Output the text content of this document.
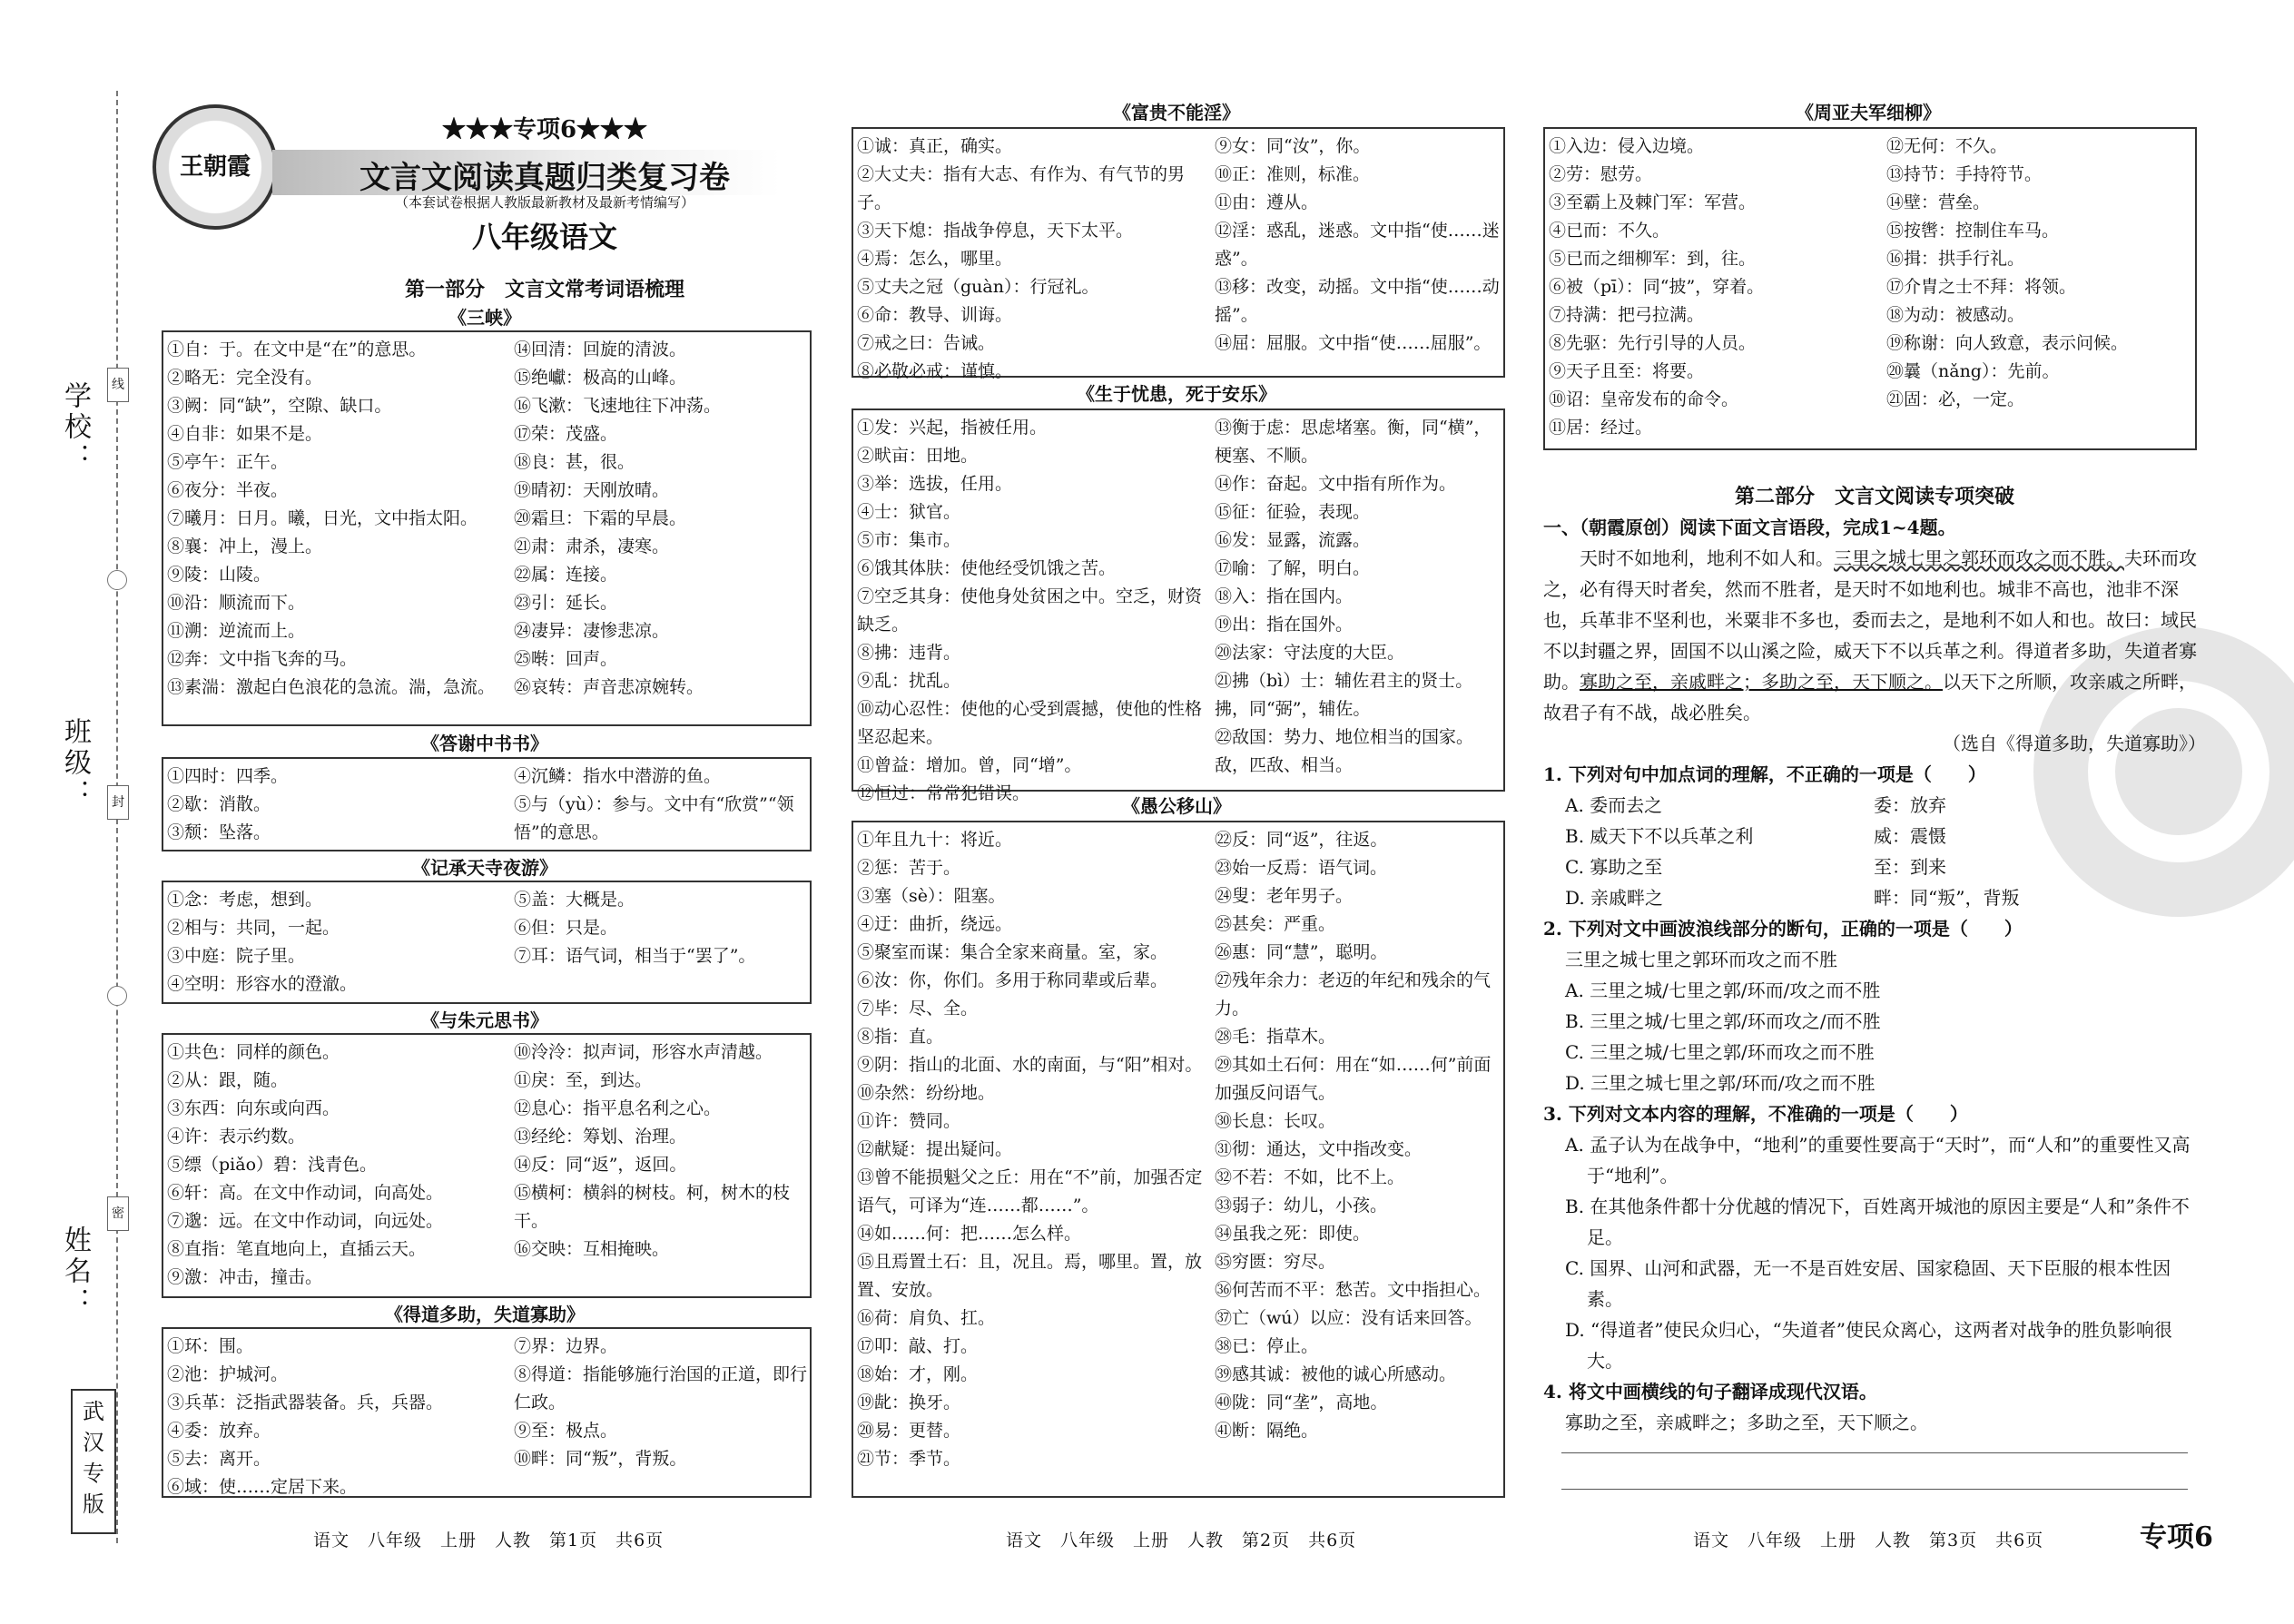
线
封
密
学校：
班级：
姓名：
武汉专版
王朝霞
★★★专项6★★★
文言文阅读真题归类复习卷
（本套试卷根据人教版最新教材及最新考情编写）
八年级语文
第一部分　文言文常考词语梳理
《三峡》
①自：于。在文中是“在”的意思。
②略无：完全没有。
③阙：同“缺”，空隙、缺口。
④自非：如果不是。
⑤亭午：正午。
⑥夜分：半夜。
⑦曦月：日月。曦，日光，文中指太阳。
⑧襄：冲上，漫上。
⑨陵：山陵。
⑩沿：顺流而下。
⑪溯：逆流而上。
⑫奔：文中指飞奔的马。
⑬素湍：激起白色浪花的急流。湍，急流。
⑭回清：回旋的清波。
⑮绝巘：极高的山峰。
⑯飞漱：飞速地往下冲荡。
⑰荣：茂盛。
⑱良：甚，很。
⑲晴初：天刚放晴。
⑳霜旦：下霜的早晨。
㉑肃：肃杀，凄寒。
㉒属：连接。
㉓引：延长。
㉔凄异：凄惨悲凉。
㉕啭：回声。
㉖哀转：声音悲凉婉转。
《答谢中书书》
①四时：四季。
②歇：消散。
③颓：坠落。
④沉鳞：指水中潜游的鱼。
⑤与（yù）：参与。文中有“欣赏”“领悟”的意思。
《记承天寺夜游》
①念：考虑，想到。
②相与：共同，一起。
③中庭：院子里。
④空明：形容水的澄澈。
⑤盖：大概是。
⑥但：只是。
⑦耳：语气词，相当于“罢了”。
《与朱元思书》
①共色：同样的颜色。
②从：跟，随。
③东西：向东或向西。
④许：表示约数。
⑤缥（piǎo）碧：浅青色。
⑥轩：高。在文中作动词，向高处。
⑦邈：远。在文中作动词，向远处。
⑧直指：笔直地向上，直插云天。
⑨激：冲击，撞击。
⑩泠泠：拟声词，形容水声清越。
⑪戾：至，到达。
⑫息心：指平息名利之心。
⑬经纶：筹划、治理。
⑭反：同“返”，返回。
⑮横柯：横斜的树枝。柯，树木的枝干。
⑯交映：互相掩映。
《得道多助，失道寡助》
①环：围。
②池：护城河。
③兵革：泛指武器装备。兵，兵器。
④委：放弃。
⑤去：离开。
⑥域：使……定居下来。
⑦界：边界。
⑧得道：指能够施行治国的正道，即行仁政。
⑨至：极点。
⑩畔：同“叛”，背叛。
《富贵不能淫》
①诚：真正，确实。
②大丈夫：指有大志、有作为、有气节的男子。
③天下熄：指战争停息，天下太平。
④焉：怎么，哪里。
⑤丈夫之冠（guàn）：行冠礼。
⑥命：教导、训诲。
⑦戒之曰：告诫。
⑧必敬必戒：谨慎。
⑨女：同“汝”，你。
⑩正：准则，标准。
⑪由：遵从。
⑫淫：惑乱，迷惑。文中指“使……迷惑”。
⑬移：改变，动摇。文中指“使……动摇”。
⑭屈：屈服。文中指“使……屈服”。
《生于忧患，死于安乐》
①发：兴起，指被任用。
②畎亩：田地。
③举：选拔，任用。
④士：狱官。
⑤市：集市。
⑥饿其体肤：使他经受饥饿之苦。
⑦空乏其身：使他身处贫困之中。空乏，财资缺乏。
⑧拂：违背。
⑨乱：扰乱。
⑩动心忍性：使他的心受到震撼，使他的性格坚忍起来。
⑪曾益：增加。曾，同“增”。
⑫恒过：常常犯错误。
⑬衡于虑：思虑堵塞。衡，同“横”，梗塞、不顺。
⑭作：奋起。文中指有所作为。
⑮征：征验，表现。
⑯发：显露，流露。
⑰喻：了解，明白。
⑱入：指在国内。
⑲出：指在国外。
⑳法家：守法度的大臣。
㉑拂（bì）士：辅佐君主的贤士。拂，同“弼”，辅佐。
㉒敌国：势力、地位相当的国家。敌，匹敌、相当。
《愚公移山》
①年且九十：将近。
②惩：苦于。
③塞（sè）：阻塞。
④迂：曲折，绕远。
⑤聚室而谋：集合全家来商量。室，家。
⑥汝：你，你们。多用于称同辈或后辈。
⑦毕：尽、全。
⑧指：直。
⑨阴：指山的北面、水的南面，与“阳”相对。
⑩杂然：纷纷地。
⑪许：赞同。
⑫献疑：提出疑问。
⑬曾不能损魁父之丘：用在“不”前，加强否定语气，可译为“连……都……”。
⑭如……何：把……怎么样。
⑮且焉置土石：且，况且。焉，哪里。置，放置、安放。
⑯荷：肩负、扛。
⑰叩：敲、打。
⑱始：才，刚。
⑲龀：换牙。
⑳易：更替。
㉑节：季节。
㉒反：同“返”，往返。
㉓始一反焉：语气词。
㉔叟：老年男子。
㉕甚矣：严重。
㉖惠：同“慧”，聪明。
㉗残年余力：老迈的年纪和残余的气力。
㉘毛：指草木。
㉙其如土石何：用在“如……何”前面加强反问语气。
㉚长息：长叹。
㉛彻：通达，文中指改变。
㉜不若：不如，比不上。
㉝弱子：幼儿，小孩。
㉞虽我之死：即使。
㉟穷匮：穷尽。
㊱何苦而不平：愁苦。文中指担心。
㊲亡（wú）以应：没有话来回答。
㊳已：停止。
㊴感其诚：被他的诚心所感动。
㊵陇：同“垄”，高地。
㊶断：隔绝。
《周亚夫军细柳》
①入边：侵入边境。
②劳：慰劳。
③至霸上及棘门军：军营。
④已而：不久。
⑤已而之细柳军：到，往。
⑥被（pī）：同“披”，穿着。
⑦持满：把弓拉满。
⑧先驱：先行引导的人员。
⑨天子且至：将要。
⑩诏：皇帝发布的命令。
⑪居：经过。
⑫无何：不久。
⑬持节：手持符节。
⑭壁：营垒。
⑮按辔：控制住车马。
⑯揖：拱手行礼。
⑰介胄之士不拜：将领。
⑱为动：被感动。
⑲称谢：向人致意，表示问候。
⑳曩（nǎng）：先前。
㉑固：必，一定。

第二部分　文言文阅读专项突破

一、（朝霞原创）阅读下面文言语段，完成1~4题。

天时不如地利，地利不如人和。三里之城七里之郭环而攻之而不胜。夫环而攻之，必有得天时者矣，然而不胜者，是天时不如地利也。城非不高也，池非不深也，兵革非不坚利也，米粟非不多也，委而去之，是地利不如人和也。故曰：域民不以封疆之界，固国不以山溪之险，威天下不以兵革之利。得道者多助，失道者寡助。寡助之至，亲戚畔之；多助之至，天下顺之。以天下之所顺，攻亲戚之所畔，故君子有不战，战必胜矣。

（选自《得道多助，失道寡助》）

1. 下列对句中加点词的理解，不正确的一项是（　　）

A. 委而去之	委：放弃
B. 威天下不以兵革之利	威：震慑
C. 寡助之至	至：到来
D. 亲戚畔之	畔：同“叛”，背叛

2. 下列对文中画波浪线部分的断句，正确的一项是（　　）

三里之城七里之郭环而攻之而不胜

A. 三里之城/七里之郭/环而/攻之而不胜
B. 三里之城/七里之郭/环而攻之/而不胜
C. 三里之城/七里之郭/环而攻之而不胜
D. 三里之城七里之郭/环而/攻之而不胜

3. 下列对文本内容的理解，不准确的一项是（　　）

A. 孟子认为在战争中，“地利”的重要性要高于“天时”，而“人和”的重要性又高于“地利”。
B. 在其他条件都十分优越的情况下，百姓离开城池的原因主要是“人和”条件不足。
C. 国界、山河和武器，无一不是百姓安居、国家稳固、天下臣服的根本性因素。
D. “得道者”使民众归心，“失道者”使民众离心，这两者对战争的胜负影响很大。

4. 将文中画横线的句子翻译成现代汉语。

寡助之至，亲戚畔之；多助之至，天下顺之。

语文　八年级　上册　人教　第1页　共6页	语文　八年级　上册　人教　第2页　共6页	语文　八年级　上册　人教　第3页　共6页	专项6
